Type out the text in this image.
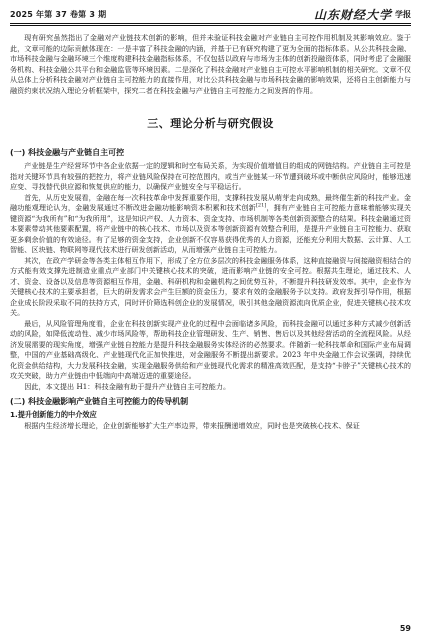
2025 年第 37 卷第 3 期	山东财经大学 学报

现有研究虽然指出了金融对产业链技术创新的影响，但并未验证科技金融对产业链自主可控作用机制及其影响效应。鉴于此，文章可能的边际贡献体现在：一是丰富了科技金融的内涵，并基于已有研究构建了更为全面的指标体系。从公共科技金融、市场科技金融与金融环境三个维度构建科技金融指标体系，不仅包括以政府与市场为主体的创新投融资体系，同时考虑了金融服务机构、科技金融公共平台和金融监管等环境因素。二是深化了科技金融对产业链自主可控水平影响机制的相关研究。文章不仅从总体上分析科技金融对产业链自主可控能力的直接作用，对比公共科技金融与市场科技金融的影响效果，还将自主创新能力与融资约束状况纳入理论分析框架中，探究二者在科技金融与产业链自主可控能力之间发挥的作用。

三、理论分析与研究假设
(一) 科技金融与产业链自主可控

产业链是生产经营环节中各企业依据一定的逻辑和时空布局关系，为实现价值增值目的组成的网链结构。产业链自主可控是指对关键环节具有较强的把控力，将产业链风险保持在可控范围内，或当产业链某一环节遭到破坏或中断供应风险时，能够迅速应变、寻找替代供应源和恢复供应的能力，以确保产业链安全与平稳运行。

首先，从历史发展看，金融在每一次科技革命中发挥重要作用，支撑科技发展从萌芽走向成熟，最终催生新的科技产业。金融功能观理论认为，金融发展通过不断改进金融功能影响资本积累和技术创新[21]，拥有产业链自主可控能力意味着能够实现关键资源“为我所有”和“为我所用”，这是知识产权、人力资本、资金支持、市场机制等各类创新资源整合的结果。科技金融通过资本要素带动其他要素配置，将产业链中的核心技术、市场以及资本等创新资源有效整合利用，是提升产业链自主可控能力、获取更多剩余价值的有效途径。有了足够的资金支持，企业创新不仅容易获得优秀的人力资源，还能充分利用大数据、云计算、人工智能、区块链、物联网等现代技术进行研发创新活动，从而增强产业链自主可控能力。

其次，在政产学研金等各类主体相互作用下，形成了全方位多层次的科技金融服务体系，这种直接融资与间接融资相结合的方式能有效支撑先进制造业重点产业部门中关键核心技术的突破，进而影响产业链的安全可控。根据共生理论，通过技术、人才、资金、设备以及信息等资源相互作用，金融、科研机构和金融机构之间优势互补，不断提升科技研发效率。其中，企业作为关键核心技术的主要承担者，巨大的研发需求会产生巨额的资金压力，要求有效的金融服务予以支持。政府发挥引导作用，根据企业成长阶段采取不同的扶持方式，同时评价筛选科创企业的发展情况，吸引其他金融资源流向优质企业，促进关键核心技术攻关。

最后，从风险管理角度看，企业在科技创新实现产业化的过程中会面临诸多风险，而科技金融可以通过多种方式减少创新活动的风险，如降低流动性、减少市场风险等，帮助科技企业管理研发、生产、销售、售后以及其他经营活动的全流程风险。从经济发展需要的现实角度，增强产业链自控能力是提升科技金融服务实体经济的必然要求。伴随新一轮科技革命和国际产业布局调整，中国的产业基础高级化、产业链现代化正加快推进，对金融服务不断提出新要求。2023 年中央金融工作会议强调，持续优化资金供给结构，大力发展科技金融，实现金融服务供给和产业链现代化需求的精准高效匹配，是支持“卡脖子”关键核心技术的攻关突破，助力产业链由中低端向中高端迈进的重要途径。

因此，本文提出 H1：科技金融有助于提升产业链自主可控能力。

(二) 科技金融影响产业链自主可控能力的传导机制
1.提升创新能力的中介效应

根据内生经济增长理论，企业创新能够扩大生产率边界，带来报酬递增效应，同时也是突破核心技术、保证

59
